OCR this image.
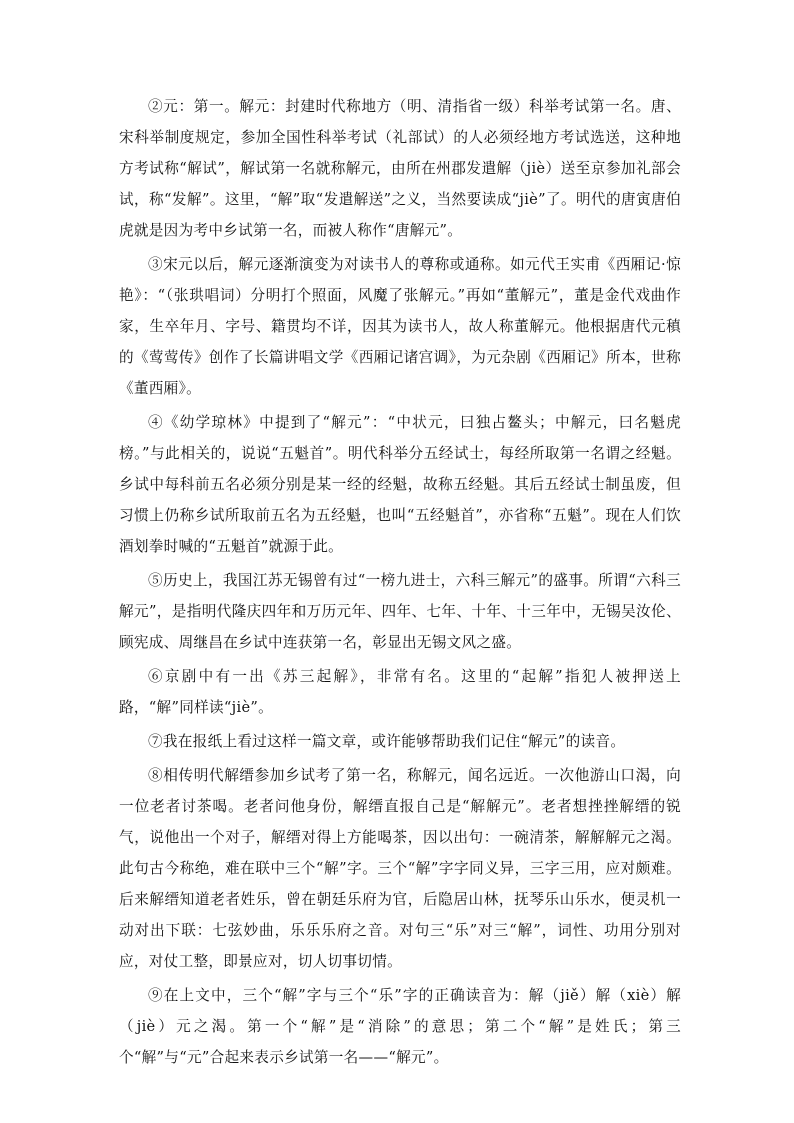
②元：第一。解元：封建时代称地方（明、清指省一级）科举考试第一名。唐、宋科举制度规定，参加全国性科举考试（礼部试）的人必须经地方考试选送，这种地方考试称“解试”，解试第一名就称解元，由所在州郡发遣解（jiè）送至京参加礼部会试，称“发解”。这里，“解”取“发遣解送”之义，当然要读成“jiè”了。明代的唐寅唐伯虎就是因为考中乡试第一名，而被人称作“唐解元”。

③宋元以后，解元逐渐演变为对读书人的尊称或通称。如元代王实甫《西厢记·惊艳》：“（张珙唱词）分明打个照面，风魔了张解元。”再如“董解元”，董是金代戏曲作家，生卒年月、字号、籍贯均不详，因其为读书人，故人称董解元。他根据唐代元稹的《莺莺传》创作了长篇讲唱文学《西厢记诸宫调》，为元杂剧《西厢记》所本，世称《董西厢》。

④《幼学琼林》中提到了“解元”：“中状元，曰独占鳌头；中解元，曰名魁虎榜。”与此相关的，说说“五魁首”。明代科举分五经试士，每经所取第一名谓之经魁。乡试中每科前五名必须分别是某一经的经魁，故称五经魁。其后五经试士制虽废，但习惯上仍称乡试所取前五名为五经魁，也叫“五经魁首”，亦省称“五魁”。现在人们饮酒划拳时喊的“五魁首”就源于此。

⑤历史上，我国江苏无锡曾有过“一榜九进士，六科三解元”的盛事。所谓“六科三解元”，是指明代隆庆四年和万历元年、四年、七年、十年、十三年中，无锡吴汝伦、顾宪成、周继昌在乡试中连获第一名，彰显出无锡文风之盛。

⑥京剧中有一出《苏三起解》，非常有名。这里的“起解”指犯人被押送上路，“解”同样读“jiè”。

⑦我在报纸上看过这样一篇文章，或许能够帮助我们记住“解元”的读音。

⑧相传明代解缙参加乡试考了第一名，称解元，闻名远近。一次他游山口渴，向一位老者讨茶喝。老者问他身份，解缙直报自己是“解解元”。老者想挫挫解缙的锐气，说他出一个对子，解缙对得上方能喝茶，因以出句：一碗清茶，解解解元之渴。此句古今称绝，难在联中三个“解”字。三个“解”字字同义异，三字三用，应对颇难。后来解缙知道老者姓乐，曾在朝廷乐府为官，后隐居山林，抚琴乐山乐水，便灵机一动对出下联：七弦妙曲，乐乐乐府之音。对句三“乐”对三“解”，词性、功用分别对应，对仗工整，即景应对，切人切事切情。

⑨在上文中，三个“解”字与三个“乐”字的正确读音为：解（jiě）解（xiè）解（jiè）元之渴。第一个“解”是“消除”的意思；第二个“解”是姓氏；第三个“解”与“元”合起来表示乡试第一名——“解元”。
